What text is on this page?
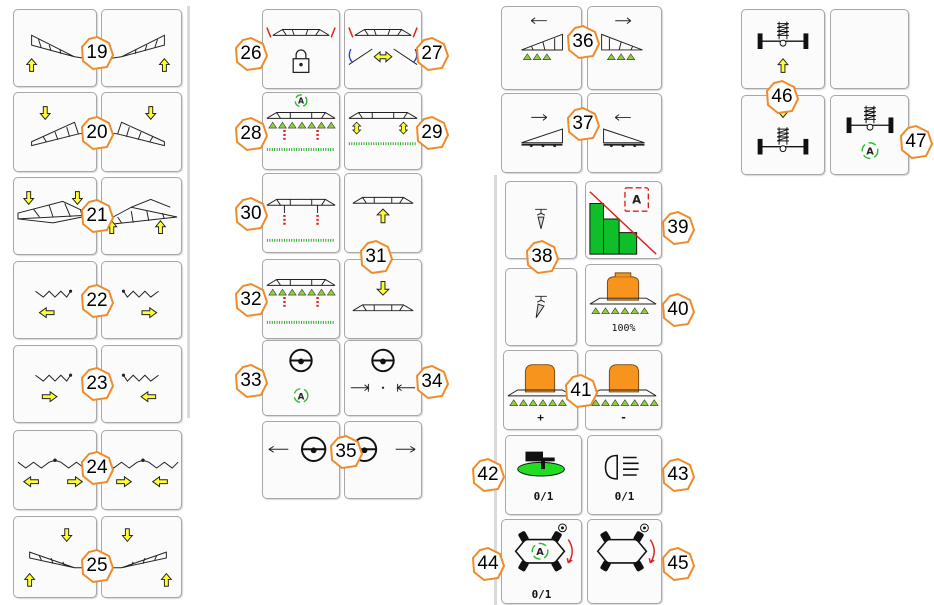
A
A
A
100%
+	-
0/1	0/1
A
0/1
A
19
20
21
22
23
24
25
26	27
28	29
30
31
32
33	34
35
36
37
38
39
40
41
42	43
44	45
46
47
